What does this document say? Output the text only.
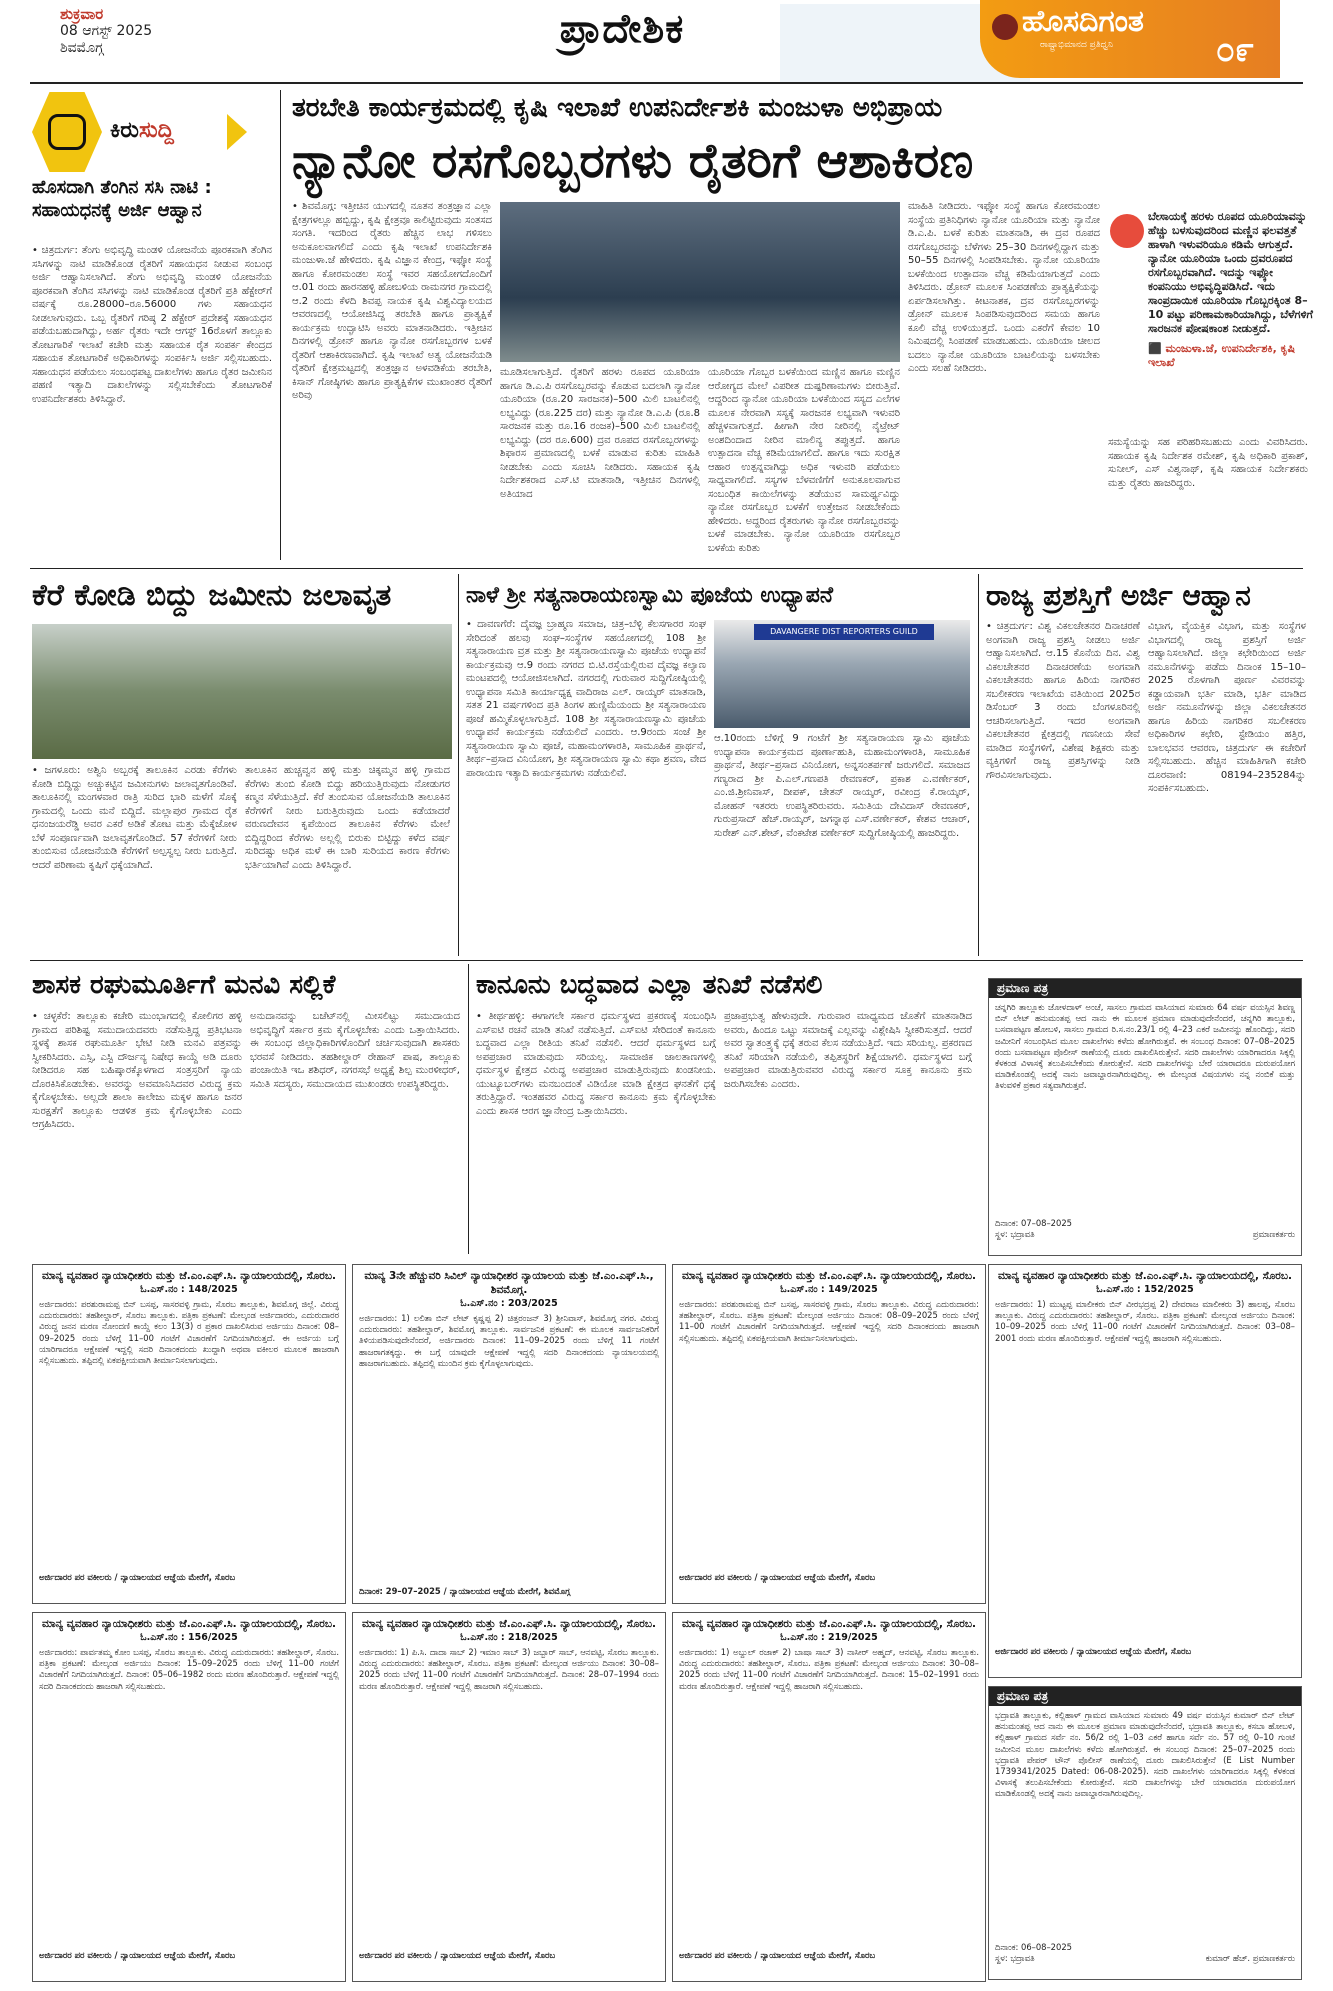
ಶುಕ್ರವಾರ
08 ಆಗಸ್ಟ್ 2025
ಶಿವಮೊಗ್ಗ	ಪ್ರಾದೇಶಿಕ	ಹೊಸದಿಗಂತ
ರಾಷ್ಟ್ರಾಭಿಮಾನದ ಪ್ರತಿಧ್ವನಿ	೦೯
ಕಿರುಸುದ್ದಿ
ಹೊಸದಾಗಿ ತೆಂಗಿನ ಸಸಿ ನಾಟಿ : ಸಹಾಯಧನಕ್ಕೆ ಅರ್ಜಿ ಆಹ್ವಾನ
• ಚಿತ್ರದುರ್ಗ: ತೆಂಗು ಅಭಿವೃದ್ಧಿ ಮಂಡಳಿ ಯೋಜನೆಯ ಪೂರಕವಾಗಿ ತೆಂಗಿನ ಸಸಿಗಳನ್ನು ನಾಟಿ ಮಾಡಿಕೊಂಡ ರೈತರಿಗೆ ಸಹಾಯಧನ ನೀಡುವ ಸಂಬಂಧ ಅರ್ಜಿ ಆಹ್ವಾನಿಸಲಾಗಿದೆ. ತೆಂಗು ಅಭಿವೃದ್ಧಿ ಮಂಡಳಿ ಯೋಜನೆಯ ಪೂರಕವಾಗಿ ತೆಂಗಿನ ಸಸಿಗಳನ್ನು ನಾಟಿ ಮಾಡಿಕೊಂಡ ರೈತರಿಗೆ ಪ್ರತಿ ಹೆಕ್ಟೇರ್‌ಗೆ ವರ್ಷಕ್ಕೆ ರೂ.28000–ರೂ.56000 ಗಳು ಸಹಾಯಧನ ನೀಡಲಾಗುವುದು. ಒಬ್ಬ ರೈತರಿಗೆ ಗರಿಷ್ಠ 2 ಹೆಕ್ಟೇರ್ ಪ್ರದೇಶಕ್ಕೆ ಸಹಾಯಧನ ಪಡೆಯಬಹುದಾಗಿದ್ದು, ಅರ್ಹ ರೈತರು ಇದೇ ಆಗಸ್ಟ್ 16ರೊಳಗೆ ತಾಲ್ಲೂಕು ತೋಟಗಾರಿಕೆ ಇಲಾಖೆ ಕಚೇರಿ ಮತ್ತು ಸಹಾಯಕ ರೈತ ಸಂಪರ್ಕ ಕೇಂದ್ರದ ಸಹಾಯಕ ತೋಟಗಾರಿಕೆ ಅಧಿಕಾರಿಗಳನ್ನು ಸಂಪರ್ಕಿಸಿ ಅರ್ಜಿ ಸಲ್ಲಿಸಬಹುದು. ಸಹಾಯಧನ ಪಡೆಯಲು ಸಂಬಂಧಪಟ್ಟ ದಾಖಲೆಗಳು ಹಾಗೂ ರೈತರ ಜಮೀನಿನ ಪಹಣಿ ಇತ್ಯಾದಿ ದಾಖಲೆಗಳನ್ನು ಸಲ್ಲಿಸಬೇಕೆಂದು ತೋಟಗಾರಿಕೆ ಉಪನಿರ್ದೇಶಕರು ತಿಳಿಸಿದ್ದಾರೆ.
ತರಬೇತಿ ಕಾರ್ಯಕ್ರಮದಲ್ಲಿ ಕೃಷಿ ಇಲಾಖೆ ಉಪನಿರ್ದೇಶಕಿ ಮಂಜುಳಾ ಅಭಿಪ್ರಾಯ
ನ್ಯಾನೋ ರಸಗೊಬ್ಬರಗಳು ರೈತರಿಗೆ ಆಶಾಕಿರಣ
• ಶಿವಮೊಗ್ಗ: ಇತ್ತೀಚಿನ ಯುಗದಲ್ಲಿ ನೂತನ ತಂತ್ರಜ್ಞಾನ ಎಲ್ಲಾ ಕ್ಷೇತ್ರಗಳಲ್ಲೂ ಹಬ್ಬಿದ್ದು, ಕೃಷಿ ಕ್ಷೇತ್ರವೂ ಕಾಲಿಟ್ಟಿರುವುದು ಸಂತಸದ ಸಂಗತಿ. ಇದರಿಂದ ರೈತರು ಹೆಚ್ಚಿನ ಲಾಭ ಗಳಿಸಲು ಅನುಕೂಲವಾಗಲಿದೆ ಎಂದು ಕೃಷಿ ಇಲಾಖೆ ಉಪನಿರ್ದೇಶಕಿ ಮಂಜುಳಾ.ಜೆ ಹೇಳಿದರು. ಕೃಷಿ ವಿಜ್ಞಾನ ಕೇಂದ್ರ, ಇಫ್ಕೋ ಸಂಸ್ಥೆ ಹಾಗೂ ಕೋರಮಂಡಲ ಸಂಸ್ಥೆ ಇವರ ಸಹಯೋಗದೊಂದಿಗೆ ಆ.01 ರಂದು ಹಾರನಹಳ್ಳಿ ಹೋಬಳಿಯ ರಾಮನಗರ ಗ್ರಾಮದಲ್ಲಿ ಆ.2 ರಂದು ಕೆಳದಿ ಶಿವಪ್ಪ ನಾಯಕ ಕೃಷಿ ವಿಶ್ವವಿದ್ಯಾಲಯದ ಆವರಣದಲ್ಲಿ ಆಯೋಜಿಸಿದ್ದ ತರಬೇತಿ ಹಾಗೂ ಪ್ರಾತ್ಯಕ್ಷಿಕೆ ಕಾರ್ಯಕ್ರಮ ಉದ್ಘಾಟಿಸಿ ಅವರು ಮಾತನಾಡಿದರು. ಇತ್ತೀಚಿನ ದಿನಗಳಲ್ಲಿ ಡ್ರೋನ್ ಹಾಗೂ ನ್ಯಾನೋ ರಸಗೊಬ್ಬರಗಳ ಬಳಕೆ ರೈತರಿಗೆ ಆಶಾಕಿರಣವಾಗಿದೆ. ಕೃಷಿ ಇಲಾಖೆ ಅತ್ಯ ಯೋಜನೆಯಡಿ ರೈತರಿಗೆ ಕ್ಷೇತ್ರಮಟ್ಟದಲ್ಲಿ ತಂತ್ರಜ್ಞಾನ ಅಳವಡಿಕೆಯ ತರಬೇತಿ, ಕಿಸಾನ್ ಗೋಷ್ಠಿಗಳು ಹಾಗೂ ಪ್ರಾತ್ಯಕ್ಷಿಕೆಗಳ ಮುಖಾಂತರ ರೈತರಿಗೆ ಅರಿವು
ಮೂಡಿಸಲಾಗುತ್ತಿದೆ. ರೈತರಿಗೆ ಹರಳು ರೂಪದ ಯೂರಿಯಾ ಹಾಗೂ ಡಿ.ಎ.ಪಿ ರಸಗೊಬ್ಬರವನ್ನು ಕೊಡುವ ಬದಲಾಗಿ ನ್ಯಾನೋ ಯೂರಿಯಾ (ರೂ.20 ಸಾರಜನಕ)–500 ಮಿಲಿ ಬಾಟಲಿನಲ್ಲಿ ಲಭ್ಯವಿದ್ದು (ರೂ.225 ದರ) ಮತ್ತು ನ್ಯಾನೋ ಡಿ.ಎ.ಪಿ (ರೂ.8 ಸಾರಜನಕ ಮತ್ತು ರೂ.16 ರಂಜಕ)–500 ಮಿಲಿ ಬಾಟಲಿನಲ್ಲಿ ಲಭ್ಯವಿದ್ದು (ದರ ರೂ.600) ದ್ರವ ರೂಪದ ರಸಗೊಬ್ಬರಗಳನ್ನು ಶಿಫಾರಸ ಪ್ರಮಾಣದಲ್ಲಿ ಬಳಕೆ ಮಾಡುವ ಕುರಿತು ಮಾಹಿತಿ ನೀಡಬೇಕು ಎಂದು ಸೂಚಿಸಿ ನೀಡಿದರು. ಸಹಾಯಕ ಕೃಷಿ ನಿರ್ದೇಶಕರಾದ ಎಸ್.ಟಿ ಮಾತನಾಡಿ, ಇತ್ತೀಚಿನ ದಿನಗಳಲ್ಲಿ ಅತಿಯಾದ
ಯೂರಿಯಾ ಗೊಬ್ಬರ ಬಳಕೆಯಿಂದ ಮಣ್ಣಿನ ಹಾಗೂ ಮಣ್ಣಿನ ಆರೋಗ್ಯದ ಮೇಲೆ ವಿಪರೀತ ದುಷ್ಪರಿಣಾಮಗಳು ಬೀರುತ್ತಿವೆ. ಆದ್ದರಿಂದ ನ್ಯಾನೋ ಯೂರಿಯಾ ಬಳಕೆಯಿಂದ ಸಸ್ಯದ ಎಲೆಗಳ ಮೂಲಕ ನೇರವಾಗಿ ಸಸ್ಯಕ್ಕೆ ಸಾರಜನಕ ಲಭ್ಯವಾಗಿ ಇಳುವರಿ ಹೆಚ್ಚಳವಾಗುತ್ತದೆ. ಹೀಗಾಗಿ ನೇರ ನೀರಿನಲ್ಲಿ ನೈಟ್ರೇಟ್ ಅಂಶದಿಂದಾದ ನೀರಿನ ಮಾಲಿನ್ಯ ತಪ್ಪುತ್ತದೆ. ಹಾಗೂ ಉತ್ಪಾದನಾ ವೆಚ್ಚ ಕಡಿಮೆಯಾಗಲಿದೆ. ಹಾಗೂ ಇದು ಸುರಕ್ಷಿತ ಆಹಾರ ಉತ್ಪನ್ನವಾಗಿದ್ದು ಅಧಿಕ ಇಳುವರಿ ಪಡೆಯಲು ಸಾಧ್ಯವಾಗಲಿದೆ. ಸಸ್ಯಗಳ ಬೆಳವಣಿಗೆಗೆ ಅನುಕೂಲವಾಗುವ ಸಂಬಂಧಿತ ಕಾಯಿಲೆಗಳನ್ನು ತಡೆಯುವ ಸಾಮರ್ಥ್ಯವಿದ್ದು ನ್ಯಾನೋ ರಸಗೊಬ್ಬರ ಬಳಕೆಗೆ ಉತ್ತೇಜನ ನೀಡಬೇಕೆಂದು ಹೇಳಿದರು. ಅದ್ದರಿಂದ ರೈತರುಗಳು ನ್ಯಾನೋ ರಸಗೊಬ್ಬರವನ್ನು ಬಳಕೆ ಮಾಡಬೇಕು. ನ್ಯಾನೋ ಯೂರಿಯಾ ರಸಗೊಬ್ಬರ ಬಳಕೆಯ ಕುರಿತು
ಮಾಹಿತಿ ನೀಡಿದರು. ಇಫ್ಕೋ ಸಂಸ್ಥೆ ಹಾಗೂ ಕೋರಮಂಡಲ ಸಂಸ್ಥೆಯ ಪ್ರತಿನಿಧಿಗಳು ನ್ಯಾನೋ ಯೂರಿಯಾ ಮತ್ತು ನ್ಯಾನೋ ಡಿ.ಎ.ಪಿ. ಬಳಕೆ ಕುರಿತು ಮಾತನಾಡಿ, ಈ ದ್ರವ ರೂಪದ ರಸಗೊಬ್ಬರವನ್ನು ಬೆಳೆಗಳು 25–30 ದಿನಗಳಲ್ಲಿದ್ದಾಗ ಮತ್ತು 50–55 ದಿನಗಳಲ್ಲಿ ಸಿಂಪಡಿಸಬೇಕು. ನ್ಯಾನೋ ಯೂರಿಯಾ ಬಳಕೆಯಿಂದ ಉತ್ಪಾದನಾ ವೆಚ್ಚ ಕಡಿಮೆಯಾಗುತ್ತದೆ ಎಂದು ತಿಳಿಸಿದರು. ಡ್ರೋನ್ ಮೂಲಕ ಸಿಂಪಡಣೆಯ ಪ್ರಾತ್ಯಕ್ಷಿಕೆಯನ್ನು ಏರ್ಪಡಿಸಲಾಗಿತ್ತು. ಕೀಟನಾಶಕ, ದ್ರವ ರಸಗೊಬ್ಬರಗಳನ್ನು ಡ್ರೋನ್ ಮೂಲಕ ಸಿಂಪಡಿಸುವುದರಿಂದ ಸಮಯ ಹಾಗೂ ಕೂಲಿ ವೆಚ್ಚ ಉಳಿಯುತ್ತದೆ. ಒಂದು ಎಕರೆಗೆ ಕೇವಲ 10 ನಿಮಿಷದಲ್ಲಿ ಸಿಂಪಡಣೆ ಮಾಡಬಹುದು. ಯೂರಿಯಾ ಚೀಲದ ಬದಲು ನ್ಯಾನೋ ಯೂರಿಯಾ ಬಾಟಲಿಯನ್ನು ಬಳಸಬೇಕು ಎಂದು ಸಲಹೆ ನೀಡಿದರು.
ಬೇಸಾಯಕ್ಕೆ ಹರಳು ರೂಪದ ಯೂರಿಯಾವನ್ನು ಹೆಚ್ಚು ಬಳಸುವುದರಿಂದ ಮಣ್ಣಿನ ಫಲವತ್ತತೆ ಹಾಳಾಗಿ ಇಳುವರಿಯೂ ಕಡಿಮೆ ಆಗುತ್ತದೆ. ನ್ಯಾನೋ ಯೂರಿಯಾ ಒಂದು ದ್ರವರೂಪದ ರಸಗೊಬ್ಬರವಾಗಿದೆ. ಇದನ್ನು ಇಫ್ಕೋ ಕಂಪನಿಯು ಅಭಿವೃದ್ಧಿಪಡಿಸಿದೆ. ಇದು ಸಾಂಪ್ರದಾಯಿಕ ಯೂರಿಯಾ ಗೊಬ್ಬರಕ್ಕಿಂತ 8–10 ಪಟ್ಟು ಪರಿಣಾಮಕಾರಿಯಾಗಿದ್ದು, ಬೆಳೆಗಳಿಗೆ ಸಾರಜನಕ ಪೋಷಕಾಂಶ ನೀಡುತ್ತದೆ.
⬛ ಮಂಜುಳಾ.ಜೆ, ಉಪನಿರ್ದೇಶಕಿ, ಕೃಷಿ ಇಲಾಖೆ
ಸಮಸ್ಯೆಯನ್ನು ಸಹ ಪರಿಹರಿಸಬಹುದು ಎಂದು ವಿವರಿಸಿದರು. ಸಹಾಯಕ ಕೃಷಿ ನಿರ್ದೇಶಕ ರಮೇಶ್, ಕೃಷಿ ಅಧಿಕಾರಿ ಪ್ರಕಾಶ್, ಸುನೀಲ್, ಎಸ್ ವಿಶ್ವನಾಥ್, ಕೃಷಿ ಸಹಾಯಕ ನಿರ್ದೇಶಕರು ಮತ್ತು ರೈತರು ಹಾಜರಿದ್ದರು.
ಕೆರೆ ಕೋಡಿ ಬಿದ್ದು ಜಮೀನು ಜಲಾವೃತ
• ಜಗಳೂರು: ಅಶ್ವಿನಿ ಅಬ್ಬರಕ್ಕೆ ತಾಲೂಕಿನ ಎರಡು ಕೆರೆಗಳು ಕೋಡಿ ಬಿದ್ದಿದ್ದು ಅಚ್ಚುಕಟ್ಟಿನ ಜಮೀನುಗಳು ಜಲಾವೃತಗೊಂಡಿವೆ. ತಾಲೂಕಿನಲ್ಲಿ ಮಂಗಳವಾರ ರಾತ್ರಿ ಸುರಿದ ಭಾರಿ ಮಳೆಗೆ ಸೊಕ್ಕೆ ಗ್ರಾಮದಲ್ಲಿ ಒಂದು ಮನೆ ಬಿದ್ದಿದೆ. ಮಲ್ಲಾಪುರ ಗ್ರಾಮದ ರೈತ ಧನಂಜಯರೆಡ್ಡಿ ಅವರ ಎಕರೆ ಅಡಿಕೆ ತೋಟ ಮತ್ತು ಮೆಕ್ಕೆಜೋಳ ಬೆಳೆ ಸಂಪೂರ್ಣವಾಗಿ ಜಲಾವೃತಗೊಂಡಿದೆ. 57 ಕೆರೆಗಳಿಗೆ ನೀರು ತುಂಬಿಸುವ ಯೋಜನೆಯಡಿ ಕೆರೆಗಳಿಗೆ ಅಲ್ಪಸ್ವಲ್ಪ ನೀರು ಬರುತ್ತಿದೆ. ಆದರೆ ಪರಿಣಾಮ ಕೃಷಿಗೆ ಧಕ್ಕೆಯಾಗಿದೆ.
ತಾಲೂಕಿನ ಹುಚ್ಚವ್ವನ ಹಳ್ಳಿ ಮತ್ತು ಚಿಕ್ಕಮ್ಮನ ಹಳ್ಳಿ ಗ್ರಾಮದ ಕೆರೆಗಳು ತುಂಬಿ ಕೋಡಿ ಬಿದ್ದು ಹರಿಯುತ್ತಿರುವುದು ನೋಡುಗರ ಕಣ್ಮನ ಸೆಳೆಯುತ್ತಿದೆ. ಕೆರೆ ತುಂಬಿಸುವ ಯೋಜನೆಯಡಿ ತಾಲೂಕಿನ ಕೆರೆಗಳಿಗೆ ನೀರು ಬರುತ್ತಿರುವುದು ಒಂದು ಕಡೆಯಾದರೆ ವರುಣದೇವನ ಕೃಪೆಯಿಂದ ತಾಲೂಕಿನ ಕೆರೆಗಳು ಮೇಲೆ ಬಿದ್ದಿದ್ದರಿಂದ ಕೆರೆಗಳು ಅಲ್ಲಲ್ಲಿ ಬಿರುಕು ಬಿಟ್ಟಿದ್ದು ಕಳೆದ ವರ್ಷ ಸುರಿದಷ್ಟು ಅಧಿಕ ಮಳೆ ಈ ಬಾರಿ ಸುರಿಯದ ಕಾರಣ ಕೆರೆಗಳು ಭರ್ತಿಯಾಗಿವೆ ಎಂದು ತಿಳಿಸಿದ್ದಾರೆ.
ನಾಳೆ ಶ್ರೀ ಸತ್ಯನಾರಾಯಣಸ್ವಾಮಿ ಪೂಜೆಯ ಉಧ್ಯಾಪನೆ
• ದಾವಣಗೆರೆ: ದೈವಜ್ಞ ಬ್ರಾಹ್ಮಣ ಸಮಾಜ, ಚಿತ್ರ–ಬೆಳ್ಳಿ ಕೆಲಸಗಾರರ ಸಂಘ ಸೇರಿದಂತೆ ಹಲವು ಸಂಘ–ಸಂಸ್ಥೆಗಳ ಸಹಯೋಗದಲ್ಲಿ 108 ಶ್ರೀ ಸತ್ಯನಾರಾಯಣ ವ್ರತ ಮತ್ತು ಶ್ರೀ ಸತ್ಯನಾರಾಯಣಸ್ವಾಮಿ ಪೂಜೆಯ ಉಧ್ಯಾಪನೆ ಕಾರ್ಯಕ್ರಮವು ಆ.9 ರಂದು ನಗರದ ಬಿ.ಟಿ.ರಸ್ತೆಯಲ್ಲಿರುವ ದೈವಜ್ಞ ಕಲ್ಯಾಣ ಮಂಟಪದಲ್ಲಿ ಆಯೋಜಿಸಲಾಗಿದೆ. ನಗರದಲ್ಲಿ ಗುರುವಾರ ಸುದ್ದಿಗೋಷ್ಠಿಯಲ್ಲಿ ಉಧ್ಯಾಪನಾ ಸಮಿತಿ ಕಾರ್ಯಾಧ್ಯಕ್ಷ ವಾದಿರಾಜ ಎಲ್. ರಾಯ್ಕರ್ ಮಾತನಾಡಿ, ಸತತ 21 ವರ್ಷಗಳಿಂದ ಪ್ರತಿ ತಿಂಗಳ ಹುಣ್ಣಿಮೆಯಂದು ಶ್ರೀ ಸತ್ಯನಾರಾಯಣ ಪೂಜೆ ಹಮ್ಮಿಕೊಳ್ಳಲಾಗುತ್ತಿದೆ. 108 ಶ್ರೀ ಸತ್ಯನಾರಾಯಣಸ್ವಾಮಿ ಪೂಜೆಯ ಉಧ್ಯಾಪನೆ ಕಾರ್ಯಕ್ರಮ ನಡೆಯಲಿದೆ ಎಂದರು. ಆ.9ರಂದು ಸಂಜೆ ಶ್ರೀ ಸತ್ಯನಾರಾಯಣ ಸ್ವಾಮಿ ಪೂಜೆ, ಮಹಾಮಂಗಳಾರತಿ, ಸಾಮೂಹಿಕ ಪ್ರಾರ್ಥನೆ, ತೀರ್ಥ–ಪ್ರಸಾದ ವಿನಿಯೋಗ, ಶ್ರೀ ಸತ್ಯನಾರಾಯಣ ಸ್ವಾಮಿ ಕಥಾ ಶ್ರವಣ, ವೇದ ಪಾರಾಯಣ ಇತ್ಯಾದಿ ಕಾರ್ಯಕ್ರಮಗಳು ನಡೆಯಲಿವೆ.
DAVANGERE DIST REPORTERS GUILD
ಆ.10ರಂದು ಬೆಳಿಗ್ಗೆ 9 ಗಂಟೆಗೆ ಶ್ರೀ ಸತ್ಯನಾರಾಯಣ ಸ್ವಾಮಿ ಪೂಜೆಯ ಉಧ್ಯಾಪನಾ ಕಾರ್ಯಕ್ರಮದ ಪೂರ್ಣಾಹುತಿ, ಮಹಾಮಂಗಳಾರತಿ, ಸಾಮೂಹಿಕ ಪ್ರಾರ್ಥನೆ, ತೀರ್ಥ–ಪ್ರಸಾದ ವಿನಿಯೋಗ, ಅನ್ನಸಂತರ್ಪಣೆ ಜರುಗಲಿದೆ. ಸಮಾಜದ ಗಣ್ಯರಾದ ಶ್ರೀ ಪಿ.ಎಲ್.ಗಣಪತಿ ರೇವಣಕರ್, ಪ್ರಕಾಶ ಎ.ವರ್ಣೇಕರ್, ಎಂ.ಜಿ.ಶ್ರೀನಿವಾಸ್, ದೀಪಕ್, ಚೇತನ್ ರಾಯ್ಕರ್, ರವೀಂದ್ರ ಕೆ.ರಾಯ್ಕರ್, ಮೋಹನ್ ಇತರರು ಉಪಸ್ಥಿತರಿರುವರು. ಸಮಿತಿಯ ದೇವಿದಾಸ್ ರೇವಣಕರ್, ಗುರುಪ್ರಸಾದ್ ಹೆಚ್.ರಾಯ್ಕರ್, ಜಗನ್ನಾಥ ಎಸ್.ವರ್ಣೇಕರ್, ಕೇಶವ ಆಚಾರ್, ಸುರೇಶ್ ಎನ್.ಶೇಟ್, ವೆಂಕಟೇಶ ವರ್ಣೇಕರ್ ಸುದ್ದಿಗೋಷ್ಠಿಯಲ್ಲಿ ಹಾಜರಿದ್ದರು.
ರಾಜ್ಯ ಪ್ರಶಸ್ತಿಗೆ ಅರ್ಜಿ ಆಹ್ವಾನ
• ಚಿತ್ರದುರ್ಗ: ವಿಶ್ವ ವಿಕಲಚೇತನರ ದಿನಾಚರಣೆ ಅಂಗವಾಗಿ ರಾಜ್ಯ ಪ್ರಶಸ್ತಿ ನೀಡಲು ಅರ್ಜಿ ಆಹ್ವಾನಿಸಲಾಗಿದೆ. ಆ.15 ಕೊನೆಯ ದಿನ. ವಿಶ್ವ ವಿಕಲಚೇತನರ ದಿನಾಚರಣೆಯ ಅಂಗವಾಗಿ ವಿಕಲಚೇತನರು ಹಾಗೂ ಹಿರಿಯ ನಾಗರಿಕರ ಸಬಲೀಕರಣ ಇಲಾಖೆಯ ವತಿಯಿಂದ 2025ರ ಡಿಸೆಂಬರ್ 3 ರಂದು ಬೆಂಗಳೂರಿನಲ್ಲಿ ಆಚರಿಸಲಾಗುತ್ತಿದೆ. ಇದರ ಅಂಗವಾಗಿ ವಿಕಲಚೇತನರ ಕ್ಷೇತ್ರದಲ್ಲಿ ಗಣನೀಯ ಸೇವೆ ಮಾಡಿದ ಸಂಸ್ಥೆಗಳಿಗೆ, ವಿಶೇಷ ಶಿಕ್ಷಕರು ಮತ್ತು ವ್ಯಕ್ತಿಗಳಿಗೆ ರಾಜ್ಯ ಪ್ರಶಸ್ತಿಗಳನ್ನು ನೀಡಿ ಗೌರವಿಸಲಾಗುವುದು.
ವಿಭಾಗ, ವೈಯಕ್ತಿಕ ವಿಭಾಗ, ಮತ್ತು ಸಂಸ್ಥೆಗಳ ವಿಭಾಗದಲ್ಲಿ ರಾಜ್ಯ ಪ್ರಶಸ್ತಿಗೆ ಅರ್ಜಿ ಆಹ್ವಾನಿಸಲಾಗಿದೆ. ಜಿಲ್ಲಾ ಕಛೇರಿಯಿಂದ ಅರ್ಜಿ ನಮೂನೆಗಳನ್ನು ಪಡೆದು ದಿನಾಂಕ 15–10–2025 ರೊಳಗಾಗಿ ಪೂರ್ಣ ವಿವರವನ್ನು ಕಡ್ಡಾಯವಾಗಿ ಭರ್ತಿ ಮಾಡಿ, ಭರ್ತಿ ಮಾಡಿದ ಅರ್ಜಿ ನಮೂನೆಗಳನ್ನು ಜಿಲ್ಲಾ ವಿಕಲಚೇತನರ ಹಾಗೂ ಹಿರಿಯ ನಾಗರಿಕರ ಸಬಲೀಕರಣ ಅಧಿಕಾರಿಗಳ ಕಛೇರಿ, ಸ್ಟೇಡಿಯಂ ಹತ್ತಿರ, ಬಾಲಭವನ ಆವರಣ, ಚಿತ್ರದುರ್ಗ ಈ ಕಚೇರಿಗೆ ಸಲ್ಲಿಸಬಹುದು. ಹೆಚ್ಚಿನ ಮಾಹಿತಿಗಾಗಿ ಕಚೇರಿ ದೂರವಾಣಿ: 08194–235284ನ್ನು ಸಂಪರ್ಕಿಸಬಹುದು.
ಶಾಸಕ ರಘುಮೂರ್ತಿಗೆ ಮನವಿ ಸಲ್ಲಿಕೆ
• ಚಳ್ಳಕೆರೆ: ತಾಲ್ಲೂಕು ಕಚೇರಿ ಮುಂಭಾಗದಲ್ಲಿ ಕೋಲಿಗರ ಹಳ್ಳಿ ಗ್ರಾಮದ ಪರಿಶಿಷ್ಟ ಸಮುದಾಯದವರು ನಡೆಸುತ್ತಿದ್ದ ಪ್ರತಿಭಟನಾ ಸ್ಥಳಕ್ಕೆ ಶಾಸಕ ರಘುಮೂರ್ತಿ ಭೇಟಿ ನೀಡಿ ಮನವಿ ಪತ್ರವನ್ನು ಸ್ವೀಕರಿಸಿದರು. ಎಸ್ಸಿ, ಎಸ್ಟಿ ದೌರ್ಜನ್ಯ ನಿಷೇಧ ಕಾಯ್ದೆ ಅಡಿ ದೂರು ನೀಡಿದರೂ ಸಹ ಬಹಿಷ್ಕಾರಕ್ಕೊಳಗಾದ ಸಂತ್ರಸ್ತರಿಗೆ ನ್ಯಾಯ ದೊರಕಿಸಿಕೊಡಬೇಕು. ಅವರನ್ನು ಅವಮಾನಿಸಿದವರ ವಿರುದ್ಧ ಕ್ರಮ ಕೈಗೊಳ್ಳಬೇಕು. ಅಲ್ಲದೇ ಶಾಲಾ ಕಾಲೇಜು ಮಕ್ಕಳ ಹಾಗೂ ಜನರ ಸುರಕ್ಷತೆಗೆ ತಾಲ್ಲೂಕು ಆಡಳಿತ ಕ್ರಮ ಕೈಗೊಳ್ಳಬೇಕು ಎಂದು ಆಗ್ರಹಿಸಿದರು.
ಅನುದಾನವನ್ನು ಬಜೆಟ್‌ನಲ್ಲಿ ಮೀಸಲಿಟ್ಟು ಸಮುದಾಯದ ಅಭಿವೃದ್ಧಿಗೆ ಸರ್ಕಾರ ಕ್ರಮ ಕೈಗೊಳ್ಳಬೇಕು ಎಂದು ಒತ್ತಾಯಿಸಿದರು. ಈ ಸಂಬಂಧ ಜಿಲ್ಲಾಧಿಕಾರಿಗಳೊಂದಿಗೆ ಚರ್ಚಿಸುವುದಾಗಿ ಶಾಸಕರು ಭರವಸೆ ನೀಡಿದರು. ತಹಶೀಲ್ದಾರ್ ರೇಹಾನ್ ಪಾಷ, ತಾಲ್ಲೂಕು ಪಂಚಾಯಿತಿ ಇಒ ಶಶಿಧರ್, ನಗರಸಭೆ ಅಧ್ಯಕ್ಷೆ ಶಿಲ್ಪ ಮುರಳೀಧರ್, ಸಮಿತಿ ಸದಸ್ಯರು, ಸಮುದಾಯದ ಮುಖಂಡರು ಉಪಸ್ಥಿತರಿದ್ದರು.
ಕಾನೂನು ಬದ್ಧವಾದ ಎಲ್ಲಾ ತನಿಖೆ ನಡೆಸಲಿ
• ತೀರ್ಥಹಳ್ಳಿ: ಈಗಾಗಲೇ ಸರ್ಕಾರ ಧರ್ಮಸ್ಥಳದ ಪ್ರಕರಣಕ್ಕೆ ಸಂಬಂಧಿಸಿ ಎಸ್ಐಟಿ ರಚನೆ ಮಾಡಿ ತನಿಖೆ ನಡೆಸುತ್ತಿದೆ. ಎಸ್ಐಟಿ ಸೇರಿದಂತೆ ಕಾನೂನು ಬದ್ಧವಾದ ಎಲ್ಲಾ ರೀತಿಯ ತನಿಖೆ ನಡೆಸಲಿ. ಆದರೆ ಧರ್ಮಸ್ಥಳದ ಬಗ್ಗೆ ಅಪಪ್ರಚಾರ ಮಾಡುವುದು ಸರಿಯಲ್ಲ. ಸಾಮಾಜಿಕ ಜಾಲತಾಣಗಳಲ್ಲಿ ಧರ್ಮಸ್ಥಳ ಕ್ಷೇತ್ರದ ವಿರುದ್ಧ ಅಪಪ್ರಚಾರ ಮಾಡುತ್ತಿರುವುದು ಖಂಡನೀಯ. ಯುಟ್ಯೂಬರ್‌ಗಳು ಮನಬಂದಂತೆ ವಿಡಿಯೋ ಮಾಡಿ ಕ್ಷೇತ್ರದ ಘನತೆಗೆ ಧಕ್ಕೆ ತರುತ್ತಿದ್ದಾರೆ. ಇಂತಹವರ ವಿರುದ್ಧ ಸರ್ಕಾರ ಕಾನೂನು ಕ್ರಮ ಕೈಗೊಳ್ಳಬೇಕು ಎಂದು ಶಾಸಕ ಆರಗ ಜ್ಞಾನೇಂದ್ರ ಒತ್ತಾಯಿಸಿದರು.
ಪ್ರಜಾಪ್ರಭುತ್ವ ಹೇಳುವುದೇ. ಗುರುವಾರ ಮಾಧ್ಯಮದ ಜೊತೆಗೆ ಮಾತನಾಡಿದ ಅವರು, ಹಿಂದೂ ಒಟ್ಟು ಸಮಾಜಕ್ಕೆ ಎಲ್ಲವನ್ನು ವಿಶ್ಲೇಷಿಸಿ ಸ್ವೀಕರಿಸುತ್ತದೆ. ಆದರೆ ಅವರ ಸ್ವಾತಂತ್ರ್ಯಕ್ಕೆ ಧಕ್ಕೆ ತರುವ ಕೆಲಸ ನಡೆಯುತ್ತಿದೆ. ಇದು ಸರಿಯಲ್ಲ. ಪ್ರಕರಣದ ತನಿಖೆ ಸರಿಯಾಗಿ ನಡೆಯಲಿ, ತಪ್ಪಿತಸ್ಥರಿಗೆ ಶಿಕ್ಷೆಯಾಗಲಿ. ಧರ್ಮಸ್ಥಳದ ಬಗ್ಗೆ ಅಪಪ್ರಚಾರ ಮಾಡುತ್ತಿರುವವರ ವಿರುದ್ಧ ಸರ್ಕಾರ ಸೂಕ್ತ ಕಾನೂನು ಕ್ರಮ ಜರುಗಿಸಬೇಕು ಎಂದರು.
ಪ್ರಮಾಣ ಪತ್ರ
ಚನ್ನಗಿರಿ ತಾಲ್ಲೂಕು ಜೋಳದಾಳ್ ಅಂಚೆ, ಸಾಸಲು ಗ್ರಾಮದ ವಾಸಿಯಾದ ಸುಮಾರು 64 ವರ್ಷ ವಯಸ್ಸಿನ ಶಿವಣ್ಣ ಬಿನ್ ಲೇಟ್ ಹನುಮಂತಪ್ಪ ಆದ ನಾನು ಈ ಮೂಲಕ ಪ್ರಮಾಣ ಮಾಡುವುದೇನೆಂದರೆ, ಚನ್ನಗಿರಿ ತಾಲ್ಲೂಕು, ಬಸವಾಪಟ್ಟಣ ಹೋಬಳಿ, ಸಾಸಲು ಗ್ರಾಮದ ರಿ.ಸ.ನಂ.23/1 ರಲ್ಲಿ 4–23 ಎಕರೆ ಜಮೀನನ್ನು ಹೊಂದಿದ್ದು, ಸದರಿ ಜಮೀನಿಗೆ ಸಂಬಂಧಿಸಿದ ಮೂಲ ದಾಖಲೆಗಳು ಕಳೆದು ಹೋಗಿರುತ್ತವೆ. ಈ ಸಂಬಂಧ ದಿನಾಂಕ: 07–08–2025 ರಂದು ಬಸವಾಪಟ್ಟಣ ಪೊಲೀಸ್ ಠಾಣೆಯಲ್ಲಿ ದೂರು ದಾಖಲಿಸಿರುತ್ತೇನೆ. ಸದರಿ ದಾಖಲೆಗಳು ಯಾರಿಗಾದರೂ ಸಿಕ್ಕಲ್ಲಿ ಕೆಳಕಂಡ ವಿಳಾಸಕ್ಕೆ ತಲುಪಿಸಬೇಕೆಂದು ಕೋರುತ್ತೇನೆ. ಸದರಿ ದಾಖಲೆಗಳನ್ನು ಬೇರೆ ಯಾರಾದರೂ ದುರುಪಯೋಗ ಮಾಡಿಕೊಂಡಲ್ಲಿ ಅದಕ್ಕೆ ನಾನು ಜವಾಬ್ದಾರನಾಗಿರುವುದಿಲ್ಲ. ಈ ಮೇಲ್ಕಂಡ ವಿಷಯಗಳು ನನ್ನ ನಂಬಿಕೆ ಮತ್ತು ತಿಳುವಳಿಕೆ ಪ್ರಕಾರ ಸತ್ಯವಾಗಿರುತ್ತವೆ.
ದಿನಾಂಕ: 07–08–2025
ಸ್ಥಳ: ಭದ್ರಾವತಿ	ಪ್ರಮಾಣಕರ್ತರು
ಮಾನ್ಯ ವ್ಯವಹಾರ ನ್ಯಾಯಾಧೀಶರು ಮತ್ತು ಜೆ.ಎಂ.ಎಫ್.ಸಿ. ನ್ಯಾಯಾಲಯದಲ್ಲಿ, ಸೊರಬ.
ಓ.ಎಸ್.ನಂ : 148/2025
ಅರ್ಜಿದಾರರು: ಪರಶುರಾಮಪ್ಪ ಬಿನ್ ಬಸಪ್ಪ, ಸಾಸರವಳ್ಳಿ ಗ್ರಾಮ, ಸೊರಬ ತಾಲ್ಲೂಕು, ಶಿವಮೊಗ್ಗ ಜಿಲ್ಲೆ. ವಿರುದ್ಧ ಎದುರುದಾರರು: ತಹಶೀಲ್ದಾರ್, ಸೊರಬ ತಾಲ್ಲೂಕು. ಪತ್ರಿಕಾ ಪ್ರಕಟಣೆ: ಮೇಲ್ಕಂಡ ಅರ್ಜಿದಾರರು, ಎದುರುದಾರರ ವಿರುದ್ಧ ಜನನ ಮರಣ ನೋಂದಣಿ ಕಾಯ್ದೆ ಕಲಂ 13(3) ರ ಪ್ರಕಾರ ದಾಖಲಿಸಿರುವ ಅರ್ಜಿಯು ದಿನಾಂಕ: 08–09–2025 ರಂದು ಬೆಳಿಗ್ಗೆ 11–00 ಗಂಟೆಗೆ ವಿಚಾರಣೆಗೆ ನಿಗದಿಯಾಗಿರುತ್ತದೆ. ಈ ಅರ್ಜಿಯ ಬಗ್ಗೆ ಯಾರಿಗಾದರೂ ಆಕ್ಷೇಪಣೆ ಇದ್ದಲ್ಲಿ ಸದರಿ ದಿನಾಂಕದಂದು ಖುದ್ದಾಗಿ ಅಥವಾ ವಕೀಲರ ಮೂಲಕ ಹಾಜರಾಗಿ ಸಲ್ಲಿಸಬಹುದು. ತಪ್ಪಿದಲ್ಲಿ ಏಕಪಕ್ಷೀಯವಾಗಿ ತೀರ್ಮಾನಿಸಲಾಗುವುದು.
ಅರ್ಜಿದಾರರ ಪರ ವಕೀಲರು / ನ್ಯಾಯಾಲಯದ ಆಜ್ಞೆಯ ಮೇರೆಗೆ, ಸೊರಬ
ಮಾನ್ಯ 3ನೇ ಹೆಚ್ಚುವರಿ ಸಿವಿಲ್ ನ್ಯಾಯಾಧೀಶರ ನ್ಯಾಯಾಲಯ ಮತ್ತು ಜೆ.ಎಂ.ಎಫ್.ಸಿ., ಶಿವಮೊಗ್ಗ.
ಓ.ಎಸ್.ನಂ : 203/2025
ಅರ್ಜಿದಾರರು: 1) ಲಲಿತಾ ಬಿನ್ ಲೇಟ್ ಕೃಷ್ಣಪ್ಪ 2) ಚಿತ್ತರಂಜನ್ 3) ಶ್ರೀನಿವಾಸ್, ಶಿವಮೊಗ್ಗ ನಗರ. ವಿರುದ್ಧ ಎದುರುದಾರರು: ತಹಶೀಲ್ದಾರ್, ಶಿವಮೊಗ್ಗ ತಾಲ್ಲೂಕು. ಸಾರ್ವಜನಿಕ ಪ್ರಕಟಣೆ: ಈ ಮೂಲಕ ಸಾರ್ವಜನಿಕರಿಗೆ ತಿಳಿಯಪಡಿಸುವುದೇನೆಂದರೆ, ಅರ್ಜಿದಾರರು ದಿನಾಂಕ: 11–09–2025 ರಂದು ಬೆಳಿಗ್ಗೆ 11 ಗಂಟೆಗೆ ಹಾಜರಾಗತಕ್ಕದ್ದು. ಈ ಬಗ್ಗೆ ಯಾವುದೇ ಆಕ್ಷೇಪಣೆ ಇದ್ದಲ್ಲಿ ಸದರಿ ದಿನಾಂಕದಂದು ನ್ಯಾಯಾಲಯದಲ್ಲಿ ಹಾಜರಾಗಬಹುದು. ತಪ್ಪಿದಲ್ಲಿ ಮುಂದಿನ ಕ್ರಮ ಕೈಗೊಳ್ಳಲಾಗುವುದು.
ದಿನಾಂಕ: 29–07–2025 / ನ್ಯಾಯಾಲಯದ ಆಜ್ಞೆಯ ಮೇರೆಗೆ, ಶಿವಮೊಗ್ಗ
ಮಾನ್ಯ ವ್ಯವಹಾರ ನ್ಯಾಯಾಧೀಶರು ಮತ್ತು ಜೆ.ಎಂ.ಎಫ್.ಸಿ. ನ್ಯಾಯಾಲಯದಲ್ಲಿ, ಸೊರಬ.
ಓ.ಎಸ್.ನಂ : 149/2025
ಅರ್ಜಿದಾರರು: ಪರಶುರಾಮಪ್ಪ ಬಿನ್ ಬಸಪ್ಪ, ಸಾಸರವಳ್ಳಿ ಗ್ರಾಮ, ಸೊರಬ ತಾಲ್ಲೂಕು. ವಿರುದ್ಧ ಎದುರುದಾರರು: ತಹಶೀಲ್ದಾರ್, ಸೊರಬ. ಪತ್ರಿಕಾ ಪ್ರಕಟಣೆ: ಮೇಲ್ಕಂಡ ಅರ್ಜಿಯು ದಿನಾಂಕ: 08–09–2025 ರಂದು ಬೆಳಿಗ್ಗೆ 11–00 ಗಂಟೆಗೆ ವಿಚಾರಣೆಗೆ ನಿಗದಿಯಾಗಿರುತ್ತದೆ. ಆಕ್ಷೇಪಣೆ ಇದ್ದಲ್ಲಿ ಸದರಿ ದಿನಾಂಕದಂದು ಹಾಜರಾಗಿ ಸಲ್ಲಿಸಬಹುದು. ತಪ್ಪಿದಲ್ಲಿ ಏಕಪಕ್ಷೀಯವಾಗಿ ತೀರ್ಮಾನಿಸಲಾಗುವುದು.
ಅರ್ಜಿದಾರರ ಪರ ವಕೀಲರು / ನ್ಯಾಯಾಲಯದ ಆಜ್ಞೆಯ ಮೇರೆಗೆ, ಸೊರಬ
ಮಾನ್ಯ ವ್ಯವಹಾರ ನ್ಯಾಯಾಧೀಶರು ಮತ್ತು ಜೆ.ಎಂ.ಎಫ್.ಸಿ. ನ್ಯಾಯಾಲಯದಲ್ಲಿ, ಸೊರಬ.
ಓ.ಎಸ್.ನಂ : 152/2025
ಅರ್ಜಿದಾರರು: 1) ಮುಟ್ಟಪ್ಪ ಮಾಲೀಕರು ಬಿನ್ ವೀರಭದ್ರಪ್ಪ 2) ದೇವರಾಜ ಮಾಲೀಕರು 3) ಹಾಲಪ್ಪ, ಸೊರಬ ತಾಲ್ಲೂಕು. ವಿರುದ್ಧ ಎದುರುದಾರರು: ತಹಶೀಲ್ದಾರ್, ಸೊರಬ. ಪತ್ರಿಕಾ ಪ್ರಕಟಣೆ: ಮೇಲ್ಕಂಡ ಅರ್ಜಿಯು ದಿನಾಂಕ: 10–09–2025 ರಂದು ಬೆಳಿಗ್ಗೆ 11–00 ಗಂಟೆಗೆ ವಿಚಾರಣೆಗೆ ನಿಗದಿಯಾಗಿರುತ್ತದೆ. ದಿನಾಂಕ: 03–08–2001 ರಂದು ಮರಣ ಹೊಂದಿರುತ್ತಾರೆ. ಆಕ್ಷೇಪಣೆ ಇದ್ದಲ್ಲಿ ಹಾಜರಾಗಿ ಸಲ್ಲಿಸಬಹುದು.
ಅರ್ಜಿದಾರರ ಪರ ವಕೀಲರು / ನ್ಯಾಯಾಲಯದ ಆಜ್ಞೆಯ ಮೇರೆಗೆ, ಸೊರಬ
ಮಾನ್ಯ ವ್ಯವಹಾರ ನ್ಯಾಯಾಧೀಶರು ಮತ್ತು ಜೆ.ಎಂ.ಎಫ್.ಸಿ. ನ್ಯಾಯಾಲಯದಲ್ಲಿ, ಸೊರಬ.
ಓ.ಎಸ್.ನಂ : 156/2025
ಅರ್ಜಿದಾರರು: ಪಾರ್ವತಮ್ಮ ಕೋಂ ಬಸಪ್ಪ, ಸೊರಬ ತಾಲ್ಲೂಕು. ವಿರುದ್ಧ ಎದುರುದಾರರು: ತಹಶೀಲ್ದಾರ್, ಸೊರಬ. ಪತ್ರಿಕಾ ಪ್ರಕಟಣೆ: ಮೇಲ್ಕಂಡ ಅರ್ಜಿಯು ದಿನಾಂಕ: 15–09–2025 ರಂದು ಬೆಳಿಗ್ಗೆ 11–00 ಗಂಟೆಗೆ ವಿಚಾರಣೆಗೆ ನಿಗದಿಯಾಗಿರುತ್ತದೆ. ದಿನಾಂಕ: 05–06–1982 ರಂದು ಮರಣ ಹೊಂದಿರುತ್ತಾರೆ. ಆಕ್ಷೇಪಣೆ ಇದ್ದಲ್ಲಿ ಸದರಿ ದಿನಾಂಕದಂದು ಹಾಜರಾಗಿ ಸಲ್ಲಿಸಬಹುದು.
ಅರ್ಜಿದಾರರ ಪರ ವಕೀಲರು / ನ್ಯಾಯಾಲಯದ ಆಜ್ಞೆಯ ಮೇರೆಗೆ, ಸೊರಬ
ಮಾನ್ಯ ವ್ಯವಹಾರ ನ್ಯಾಯಾಧೀಶರು ಮತ್ತು ಜೆ.ಎಂ.ಎಫ್.ಸಿ. ನ್ಯಾಯಾಲಯದಲ್ಲಿ, ಸೊರಬ.
ಓ.ಎಸ್.ನಂ : 218/2025
ಅರ್ಜಿದಾರರು: 1) ಪಿ.ಸಿ. ದಾದಾ ಸಾಬ್ 2) ಇಮಾಂ ಸಾಬ್ 3) ಜಬ್ಬಾರ್ ಸಾಬ್, ಆನವಟ್ಟಿ, ಸೊರಬ ತಾಲ್ಲೂಕು. ವಿರುದ್ಧ ಎದುರುದಾರರು: ತಹಶೀಲ್ದಾರ್, ಸೊರಬ. ಪತ್ರಿಕಾ ಪ್ರಕಟಣೆ: ಮೇಲ್ಕಂಡ ಅರ್ಜಿಯು ದಿನಾಂಕ: 30–08–2025 ರಂದು ಬೆಳಿಗ್ಗೆ 11–00 ಗಂಟೆಗೆ ವಿಚಾರಣೆಗೆ ನಿಗದಿಯಾಗಿರುತ್ತದೆ. ದಿನಾಂಕ: 28–07–1994 ರಂದು ಮರಣ ಹೊಂದಿರುತ್ತಾರೆ. ಆಕ್ಷೇಪಣೆ ಇದ್ದಲ್ಲಿ ಹಾಜರಾಗಿ ಸಲ್ಲಿಸಬಹುದು.
ಅರ್ಜಿದಾರರ ಪರ ವಕೀಲರು / ನ್ಯಾಯಾಲಯದ ಆಜ್ಞೆಯ ಮೇರೆಗೆ, ಸೊರಬ
ಮಾನ್ಯ ವ್ಯವಹಾರ ನ್ಯಾಯಾಧೀಶರು ಮತ್ತು ಜೆ.ಎಂ.ಎಫ್.ಸಿ. ನ್ಯಾಯಾಲಯದಲ್ಲಿ, ಸೊರಬ.
ಓ.ಎಸ್.ನಂ : 219/2025
ಅರ್ಜಿದಾರರು: 1) ಅಬ್ದುಲ್ ರಜಾಕ್ 2) ಬಾಷಾ ಸಾಬ್ 3) ನಾಸೀರ್ ಅಹ್ಮದ್, ಆನವಟ್ಟಿ, ಸೊರಬ ತಾಲ್ಲೂಕು. ವಿರುದ್ಧ ಎದುರುದಾರರು: ತಹಶೀಲ್ದಾರ್, ಸೊರಬ. ಪತ್ರಿಕಾ ಪ್ರಕಟಣೆ: ಮೇಲ್ಕಂಡ ಅರ್ಜಿಯು ದಿನಾಂಕ: 30–08–2025 ರಂದು ಬೆಳಿಗ್ಗೆ 11–00 ಗಂಟೆಗೆ ವಿಚಾರಣೆಗೆ ನಿಗದಿಯಾಗಿರುತ್ತದೆ. ದಿನಾಂಕ: 15–02–1991 ರಂದು ಮರಣ ಹೊಂದಿರುತ್ತಾರೆ. ಆಕ್ಷೇಪಣೆ ಇದ್ದಲ್ಲಿ ಹಾಜರಾಗಿ ಸಲ್ಲಿಸಬಹುದು.
ಅರ್ಜಿದಾರರ ಪರ ವಕೀಲರು / ನ್ಯಾಯಾಲಯದ ಆಜ್ಞೆಯ ಮೇರೆಗೆ, ಸೊರಬ
ಪ್ರಮಾಣ ಪತ್ರ
ಭದ್ರಾವತಿ ತಾಲ್ಲೂಕು, ಕಲ್ಲಿಹಾಳ್ ಗ್ರಾಮದ ವಾಸಿಯಾದ ಸುಮಾರು 49 ವರ್ಷ ವಯಸ್ಸಿನ ಕುಮಾರ್ ಬಿನ್ ಲೇಟ್ ಹನುಮಂತಪ್ಪ ಆದ ನಾನು ಈ ಮೂಲಕ ಪ್ರಮಾಣ ಮಾಡುವುದೇನೆಂದರೆ, ಭದ್ರಾವತಿ ತಾಲ್ಲೂಕು, ಕಸಬಾ ಹೋಬಳಿ, ಕಲ್ಲಿಹಾಳ್ ಗ್ರಾಮದ ಸರ್ವೆ ನಂ. 56/2 ರಲ್ಲಿ 1–03 ಎಕರೆ ಹಾಗೂ ಸರ್ವೆ ನಂ. 57 ರಲ್ಲಿ 0–10 ಗುಂಟೆ ಜಮೀನಿನ ಮೂಲ ದಾಖಲೆಗಳು ಕಳೆದು ಹೋಗಿರುತ್ತವೆ. ಈ ಸಂಬಂಧ ದಿನಾಂಕ: 25–07–2025 ರಂದು ಭದ್ರಾವತಿ ಪೇಪರ್ ಟೌನ್ ಪೊಲೀಸ್ ಠಾಣೆಯಲ್ಲಿ ದೂರು ದಾಖಲಿಸಿರುತ್ತೇನೆ (E List Number 1739341/2025 Dated: 06-08-2025). ಸದರಿ ದಾಖಲೆಗಳು ಯಾರಿಗಾದರೂ ಸಿಕ್ಕಲ್ಲಿ ಕೆಳಕಂಡ ವಿಳಾಸಕ್ಕೆ ತಲುಪಿಸಬೇಕೆಂದು ಕೋರುತ್ತೇನೆ. ಸದರಿ ದಾಖಲೆಗಳನ್ನು ಬೇರೆ ಯಾರಾದರೂ ದುರುಪಯೋಗ ಮಾಡಿಕೊಂಡಲ್ಲಿ ಅದಕ್ಕೆ ನಾನು ಜವಾಬ್ದಾರನಾಗಿರುವುದಿಲ್ಲ.
ದಿನಾಂಕ: 06–08–2025
ಸ್ಥಳ: ಭದ್ರಾವತಿ	ಕುಮಾರ್ ಹೆಚ್. ಪ್ರಮಾಣಕರ್ತರು
